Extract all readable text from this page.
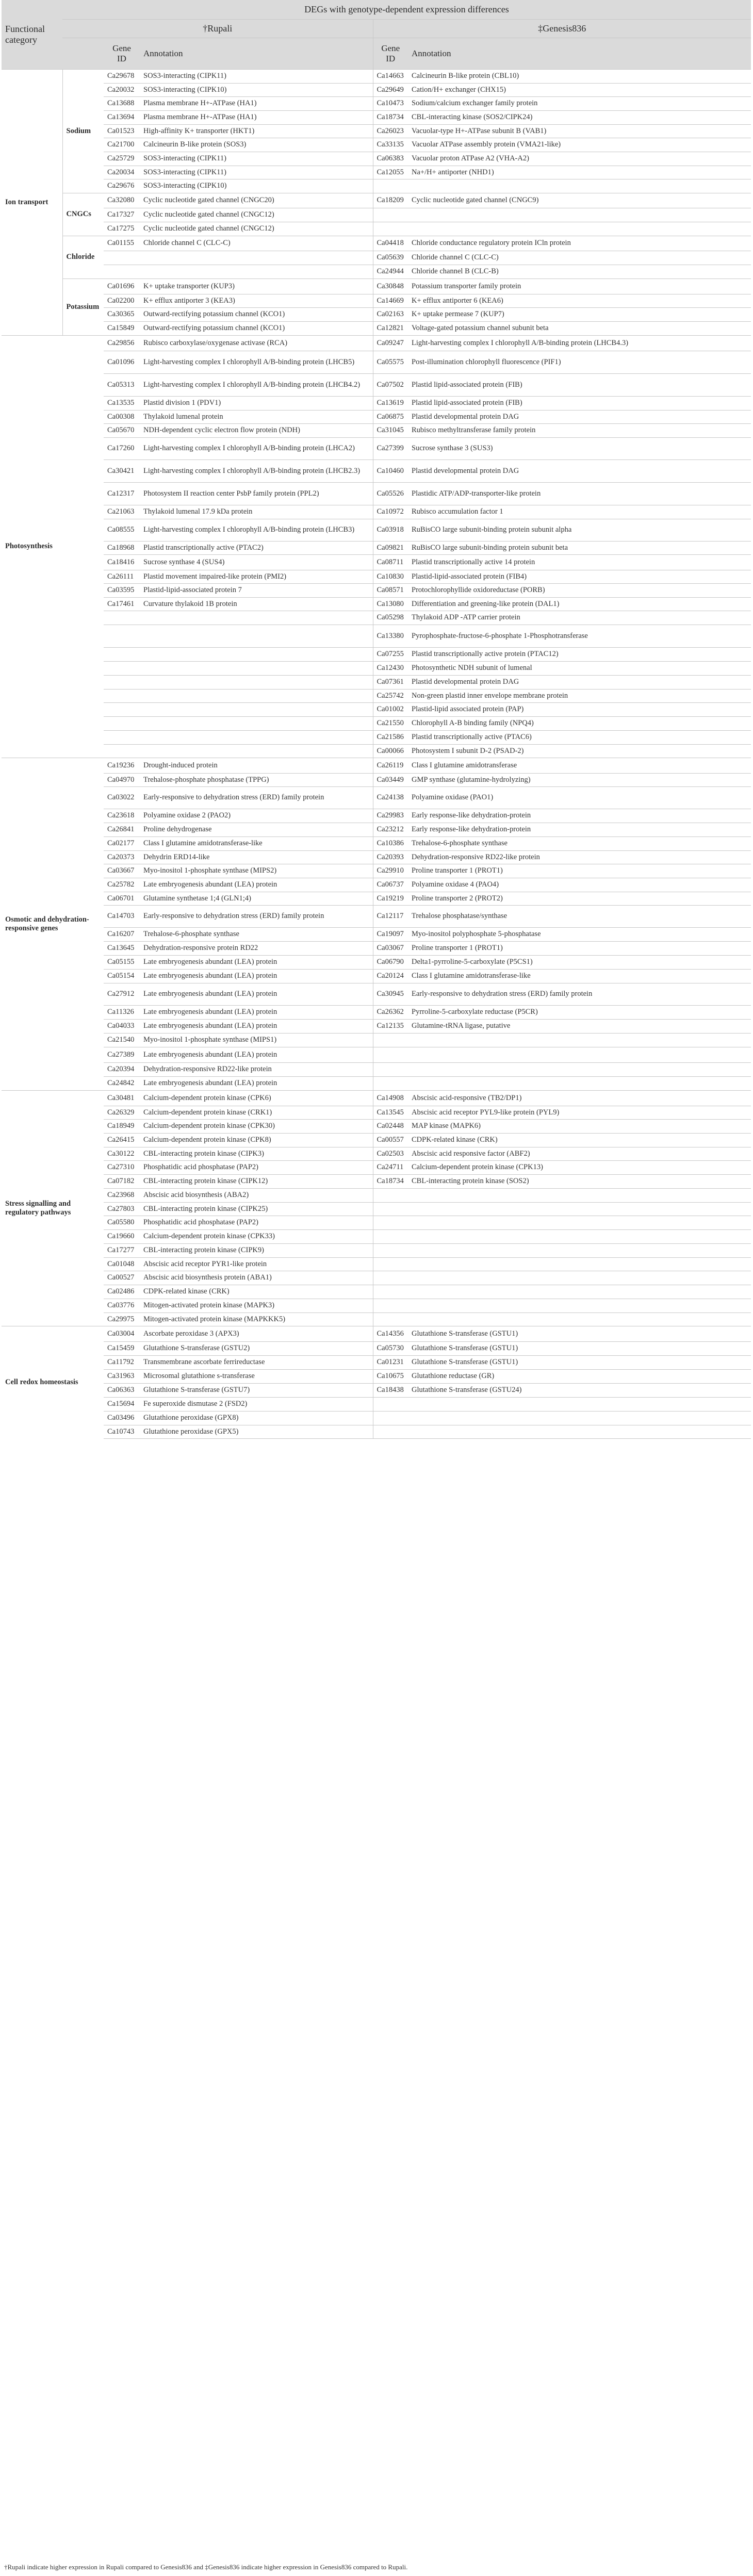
Functional category	DEGs with genotype-dependent expression differences				
	†Rupali			‡Genesis836	
		Gene ID	Annotation	Gene ID	Annotation
Ion transport	Sodium	Ca29678	SOS3-interacting (CIPK11)	Ca14663	Calcineurin B-like protein (CBL10)
		Ca20032	SOS3-interacting (CIPK10)	Ca29649	Cation/H+ exchanger (CHX15)
		Ca13688	Plasma membrane H+-ATPase (HA1)	Ca10473	Sodium/calcium exchanger family protein
		Ca13694	Plasma membrane H+-ATPase (HA1)	Ca18734	CBL-interacting kinase (SOS2/CIPK24)
		Ca01523	High-affinity K+ transporter (HKT1)	Ca26023	Vacuolar-type H+-ATPase subunit B (VAB1)
		Ca21700	Calcineurin B-like protein (SOS3)	Ca33135	Vacuolar ATPase assembly protein (VMA21-like)
		Ca25729	SOS3-interacting (CIPK11)	Ca06383	Vacuolar proton ATPase A2 (VHA-A2)
		Ca20034	SOS3-interacting (CIPK11)	Ca12055	Na+/H+ antiporter (NHD1)
		Ca29676	SOS3-interacting (CIPK10)		
	CNGCs	Ca32080	Cyclic nucleotide gated channel (CNGC20)	Ca18209	Cyclic nucleotide gated channel (CNGC9)
		Ca17327	Cyclic nucleotide gated channel (CNGC12)		
		Ca17275	Cyclic nucleotide gated channel (CNGC12)		
	Chloride	Ca01155	Chloride channel C (CLC-C)	Ca04418	Chloride conductance regulatory protein ICln protein
				Ca05639	Chloride channel C (CLC-C)
				Ca24944	Chloride channel B (CLC-B)
	Potassium	Ca01696	K+ uptake transporter (KUP3)	Ca30848	Potassium transporter family protein
		Ca02200	K+ efflux antiporter 3 (KEA3)	Ca14669	K+ efflux antiporter 6 (KEA6)
		Ca30365	Outward-rectifying potassium channel (KCO1)	Ca02163	K+ uptake permease 7 (KUP7)
		Ca15849	Outward-rectifying potassium channel (KCO1)	Ca12821	Voltage-gated potassium channel subunit beta
Photosynthesis		Ca29856	Rubisco carboxylase/oxygenase activase (RCA)	Ca09247	Light-harvesting complex I chlorophyll A/B-binding protein (LHCB4.3)
		Ca01096	Light-harvesting complex I chlorophyll A/B-binding protein (LHCB5)	Ca05575	Post-illumination chlorophyll fluorescence (PIF1)
		Ca05313	Light-harvesting complex I chlorophyll A/B-binding protein (LHCB4.2)	Ca07502	Plastid lipid-associated protein (FIB)
		Ca13535	Plastid division 1 (PDV1)	Ca13619	Plastid lipid-associated protein (FIB)
		Ca00308	Thylakoid lumenal protein	Ca06875	Plastid developmental protein DAG
		Ca05670	NDH-dependent cyclic electron flow protein (NDH)	Ca31045	Rubisco methyltransferase family protein
		Ca17260	Light-harvesting complex I chlorophyll A/B-binding protein (LHCA2)	Ca27399	Sucrose synthase 3 (SUS3)
		Ca30421	Light-harvesting complex I chlorophyll A/B-binding protein (LHCB2.3)	Ca10460	Plastid developmental protein DAG
		Ca12317	Photosystem II reaction center PsbP family protein (PPL2)	Ca05526	Plastidic ATP/ADP-transporter-like protein
		Ca21063	Thylakoid lumenal 17.9 kDa protein	Ca10972	Rubisco accumulation factor 1
		Ca08555	Light-harvesting complex I chlorophyll A/B-binding protein (LHCB3)	Ca03918	RuBisCO large subunit-binding protein subunit alpha
		Ca18968	Plastid transcriptionally active (PTAC2)	Ca09821	RuBisCO large subunit-binding protein subunit beta
		Ca18416	Sucrose synthase 4 (SUS4)	Ca08711	Plastid transcriptionally active 14 protein
		Ca26111	Plastid movement impaired-like protein (PMI2)	Ca10830	Plastid-lipid-associated protein (FIB4)
		Ca03595	Plastid-lipid-associated protein 7	Ca08571	Protochlorophyllide oxidoreductase (PORB)
		Ca17461	Curvature thylakoid 1B protein	Ca13080	Differentiation and greening-like protein (DAL1)
				Ca05298	Thylakoid ADP -ATP carrier protein
				Ca13380	Pyrophosphate-fructose-6-phosphate 1-Phosphotransferase
				Ca07255	Plastid transcriptionally active protein (PTAC12)
				Ca12430	Photosynthetic NDH subunit of lumenal
				Ca07361	Plastid developmental protein DAG
				Ca25742	Non-green plastid inner envelope membrane protein
				Ca01002	Plastid-lipid associated protein (PAP)
				Ca21550	Chlorophyll A-B binding family (NPQ4)
				Ca21586	Plastid transcriptionally active (PTAC6)
				Ca00066	Photosystem I subunit D-2 (PSAD-2)
Osmotic and dehydration-responsive genes		Ca19236	Drought-induced protein	Ca26119	Class I glutamine amidotransferase
		Ca04970	Trehalose-phosphate phosphatase (TPPG)	Ca03449	GMP synthase (glutamine-hydrolyzing)
		Ca03022	Early-responsive to dehydration stress (ERD) family protein	Ca24138	Polyamine oxidase (PAO1)
		Ca23618	Polyamine oxidase 2 (PAO2)	Ca29983	Early response-like dehydration-protein
		Ca26841	Proline dehydrogenase	Ca23212	Early response-like dehydration-protein
		Ca02177	Class I glutamine amidotransferase-like	Ca10386	Trehalose-6-phosphate synthase
		Ca20373	Dehydrin ERD14-like	Ca20393	Dehydration-responsive RD22-like protein
		Ca03667	Myo-inositol 1-phosphate synthase (MIPS2)	Ca29910	Proline transporter 1 (PROT1)
		Ca25782	Late embryogenesis abundant (LEA) protein	Ca06737	Polyamine oxidase 4 (PAO4)
		Ca06701	Glutamine synthetase 1;4 (GLN1;4)	Ca19219	Proline transporter 2 (PROT2)
		Ca14703	Early-responsive to dehydration stress (ERD) family protein	Ca12117	Trehalose phosphatase/synthase
		Ca16207	Trehalose-6-phosphate synthase	Ca19097	Myo-inositol polyphosphate 5-phosphatase
		Ca13645	Dehydration-responsive protein RD22	Ca03067	Proline transporter 1 (PROT1)
		Ca05155	Late embryogenesis abundant (LEA) protein	Ca06790	Delta1-pyrroline-5-carboxylate (P5CS1)
		Ca05154	Late embryogenesis abundant (LEA) protein	Ca20124	Class I glutamine amidotransferase-like
		Ca27912	Late embryogenesis abundant (LEA) protein	Ca30945	Early-responsive to dehydration stress (ERD) family protein
		Ca11326	Late embryogenesis abundant (LEA) protein	Ca26362	Pyrroline-5-carboxylate reductase (P5CR)
		Ca04033	Late embryogenesis abundant (LEA) protein	Ca12135	Glutamine-tRNA ligase, putative
		Ca21540	Myo-inositol 1-phosphate synthase (MIPS1)		
		Ca27389	Late embryogenesis abundant (LEA) protein		
		Ca20394	Dehydration-responsive RD22-like protein		
		Ca24842	Late embryogenesis abundant (LEA) protein		
Stress signalling and regulatory pathways		Ca30481	Calcium-dependent protein kinase (CPK6)	Ca14908	Abscisic acid-responsive (TB2/DP1)
		Ca26329	Calcium-dependent protein kinase (CRK1)	Ca13545	Abscisic acid receptor PYL9-like protein (PYL9)
		Ca18949	Calcium-dependent protein kinase (CPK30)	Ca02448	MAP kinase (MAPK6)
		Ca26415	Calcium-dependent protein kinase (CPK8)	Ca00557	CDPK-related kinase (CRK)
		Ca30122	CBL-interacting protein kinase (CIPK3)	Ca02503	Abscisic acid responsive factor (ABF2)
		Ca27310	Phosphatidic acid phosphatase (PAP2)	Ca24711	Calcium-dependent protein kinase (CPK13)
		Ca07182	CBL-interacting protein kinase (CIPK12)	Ca18734	CBL-interacting protein kinase (SOS2)
		Ca23968	Abscisic acid biosynthesis (ABA2)		
		Ca27803	CBL-interacting protein kinase (CIPK25)		
		Ca05580	Phosphatidic acid phosphatase (PAP2)		
		Ca19660	Calcium-dependent protein kinase (CPK33)		
		Ca17277	CBL-interacting protein kinase (CIPK9)		
		Ca01048	Abscisic acid receptor PYR1-like protein		
		Ca00527	Abscisic acid biosynthesis protein (ABA1)		
		Ca02486	CDPK-related kinase (CRK)		
		Ca03776	Mitogen-activated protein kinase (MAPK3)		
		Ca29975	Mitogen-activated protein kinase (MAPKKK5)		
Cell redox homeostasis		Ca03004	Ascorbate peroxidase 3 (APX3)	Ca14356	Glutathione S-transferase (GSTU1)
		Ca15459	Glutathione S-transferase (GSTU2)	Ca05730	Glutathione S-transferase (GSTU1)
		Ca11792	Transmembrane ascorbate ferrireductase	Ca01231	Glutathione S-transferase (GSTU1)
		Ca31963	Microsomal glutathione s-transferase	Ca10675	Glutathione reductase (GR)
		Ca06363	Glutathione S-transferase (GSTU7)	Ca18438	Glutathione S-transferase (GSTU24)
		Ca15694	Fe superoxide dismutase 2 (FSD2)		
		Ca03496	Glutathione peroxidase (GPX8)		
		Ca10743	Glutathione peroxidase (GPX5)		

†Rupali indicate higher expression in Rupali compared to Genesis836 and ‡Genesis836 indicate higher expression in Genesis836 compared to Rupali.
